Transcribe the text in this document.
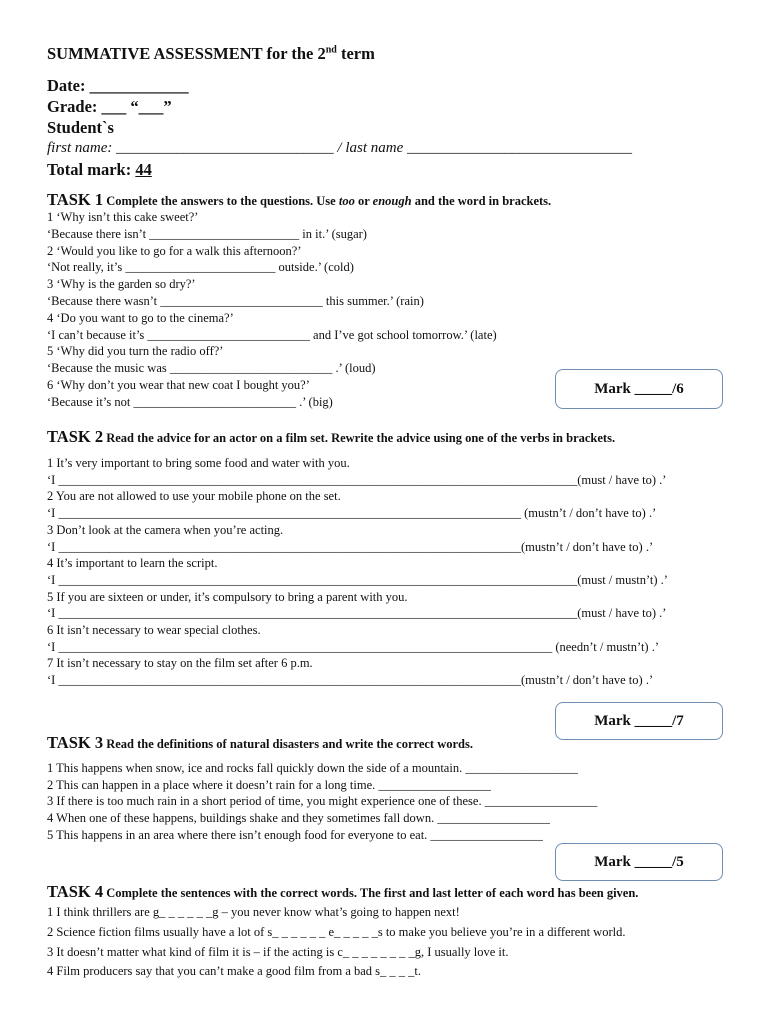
SUMMATIVE ASSESSMENT for the 2nd term
Date: ____________
Grade: ___ “___”
Student`s
first name: _____________________________ / last name ______________________________
Total mark: 44
TASK 1 Complete the answers to the questions. Use too or enough and the word in brackets.
1 ‘Why isn’t this cake sweet?’
‘Because there isn’t ________________________ in it.’ (sugar)
2 ‘Would you like to go for a walk this afternoon?’
‘Not really, it’s ________________________ outside.’ (cold)
3 ‘Why is the garden so dry?’
‘Because there wasn’t __________________________ this summer.’ (rain)
4 ‘Do you want to go to the cinema?’
‘I can’t because it’s __________________________ and I’ve got school tomorrow.’ (late)
5 ‘Why did you turn the radio off?’
‘Because the music was __________________________ .’ (loud)
6 ‘Why don’t you wear that new coat I bought you?’
‘Because it’s not __________________________ .’ (big)
Mark _____/6
TASK 2 Read the advice for an actor on a film set. Rewrite the advice using one of the verbs in brackets.
1 It’s very important to bring some food and water with you.
‘I ___________________________________________________________________________________(must / have to) .’
2 You are not allowed to use your mobile phone on the set.
‘I __________________________________________________________________________ (mustn’t / don’t have to) .’
3 Don’t look at the camera when you’re acting.
‘I __________________________________________________________________________(mustn’t / don’t have to) .’
4 It’s important to learn the script.
‘I ___________________________________________________________________________________(must / mustn’t) .’
5 If you are sixteen or under, it’s compulsory to bring a parent with you.
‘I ___________________________________________________________________________________(must / have to) .’
6 It isn’t necessary to wear special clothes.
‘I _______________________________________________________________________________ (needn’t / mustn’t) .’
7 It isn’t necessary to stay on the film set after 6 p.m.
‘I __________________________________________________________________________(mustn’t / don’t have to) .’
Mark _____/7
TASK 3 Read the definitions of natural disasters and write the correct words.
1 This happens when snow, ice and rocks fall quickly down the side of a mountain. __________________
2 This can happen in a place where it doesn’t rain for a long time. __________________
3 If there is too much rain in a short period of time, you might experience one of these. __________________
4 When one of these happens, buildings shake and they sometimes fall down. __________________
5 This happens in an area where there isn’t enough food for everyone to eat. __________________
Mark _____/5
TASK 4 Complete the sentences with the correct words. The first and last letter of each word has been given.
1 I think thrillers are g_ _ _ _ _ _g – you never know what’s going to happen next!
2 Science fiction films usually have a lot of s_ _ _ _ _ _ e_ _ _ _ _s to make you believe you’re in a different world.
3 It doesn’t matter what kind of film it is – if the acting is c_ _ _ _ _ _ _ _g, I usually love it.
4 Film producers say that you can’t make a good film from a bad s_ _ _ _t.
